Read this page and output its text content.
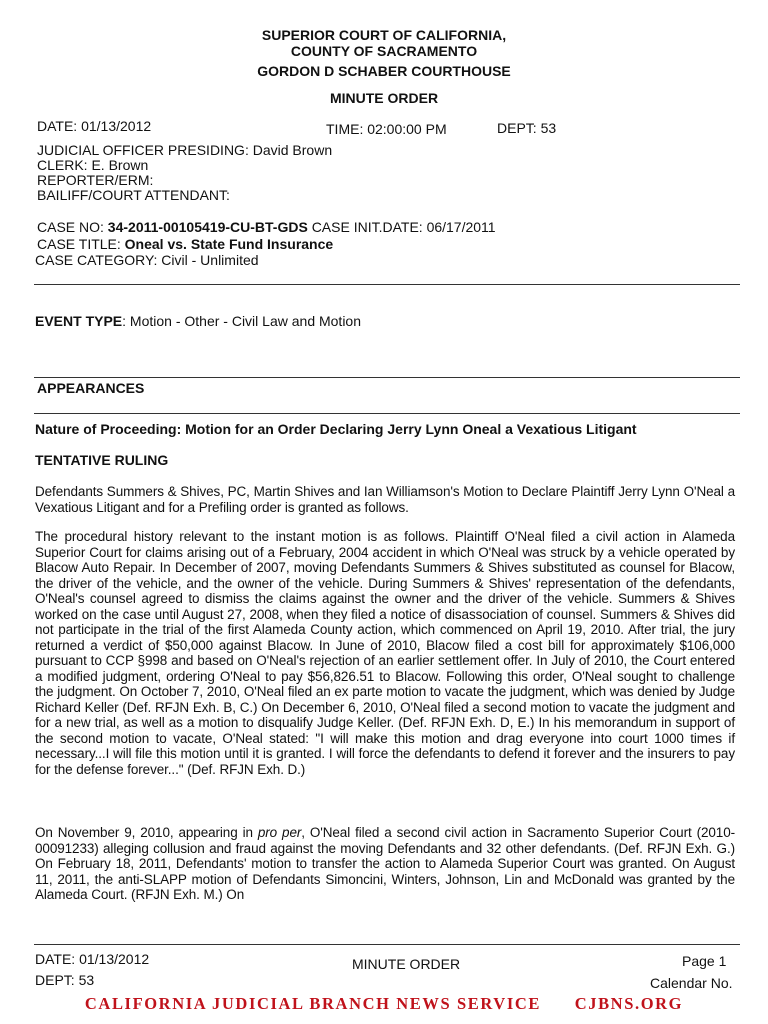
SUPERIOR COURT OF CALIFORNIA,
COUNTY OF SACRAMENTO
GORDON D SCHABER COURTHOUSE
MINUTE ORDER
DATE: 01/13/2012	TIME: 02:00:00 PM	DEPT: 53
JUDICIAL OFFICER PRESIDING: David Brown
CLERK: E. Brown
REPORTER/ERM:
BAILIFF/COURT ATTENDANT:
CASE NO: 34-2011-00105419-CU-BT-GDS CASE INIT.DATE: 06/17/2011
CASE TITLE: Oneal vs. State Fund Insurance
CASE CATEGORY: Civil - Unlimited
EVENT TYPE: Motion - Other - Civil Law and Motion
APPEARANCES
Nature of Proceeding: Motion for an Order Declaring Jerry Lynn Oneal a Vexatious Litigant
TENTATIVE RULING
Defendants Summers & Shives, PC, Martin Shives and Ian Williamson's Motion to Declare Plaintiff Jerry Lynn O'Neal a Vexatious Litigant and for a Prefiling order is granted as follows.
The procedural history relevant to the instant motion is as follows. Plaintiff O'Neal filed a civil action in Alameda Superior Court for claims arising out of a February, 2004 accident in which O'Neal was struck by a vehicle operated by Blacow Auto Repair. In December of 2007, moving Defendants Summers & Shives substituted as counsel for Blacow, the driver of the vehicle, and the owner of the vehicle. During Summers & Shives' representation of the defendants, O'Neal's counsel agreed to dismiss the claims against the owner and the driver of the vehicle. Summers & Shives worked on the case until August 27, 2008, when they filed a notice of disassociation of counsel. Summers & Shives did not participate in the trial of the first Alameda County action, which commenced on April 19, 2010. After trial, the jury returned a verdict of $50,000 against Blacow. In June of 2010, Blacow filed a cost bill for approximately $106,000 pursuant to CCP §998 and based on O'Neal's rejection of an earlier settlement offer. In July of 2010, the Court entered a modified judgment, ordering O'Neal to pay $56,826.51 to Blacow. Following this order, O'Neal sought to challenge the judgment. On October 7, 2010, O'Neal filed an ex parte motion to vacate the judgment, which was denied by Judge Richard Keller (Def. RFJN Exh. B, C.) On December 6, 2010, O'Neal filed a second motion to vacate the judgment and for a new trial, as well as a motion to disqualify Judge Keller. (Def. RFJN Exh. D, E.) In his memorandum in support of the second motion to vacate, O'Neal stated: "I will make this motion and drag everyone into court 1000 times if necessary...I will file this motion until it is granted. I will force the defendants to defend it forever and the insurers to pay for the defense forever..." (Def. RFJN Exh. D.)
On November 9, 2010, appearing in pro per, O'Neal filed a second civil action in Sacramento Superior Court (2010-00091233) alleging collusion and fraud against the moving Defendants and 32 other defendants. (Def. RFJN Exh. G.) On February 18, 2011, Defendants' motion to transfer the action to Alameda Superior Court was granted. On August 11, 2011, the anti-SLAPP motion of Defendants Simoncini, Winters, Johnson, Lin and McDonald was granted by the Alameda Court. (RFJN Exh. M.) On
DATE: 01/13/2012
DEPT: 53
MINUTE ORDER	Page 1
Calendar No.
CALIFORNIA JUDICIAL BRANCH NEWS SERVICE CJBNS.ORG
